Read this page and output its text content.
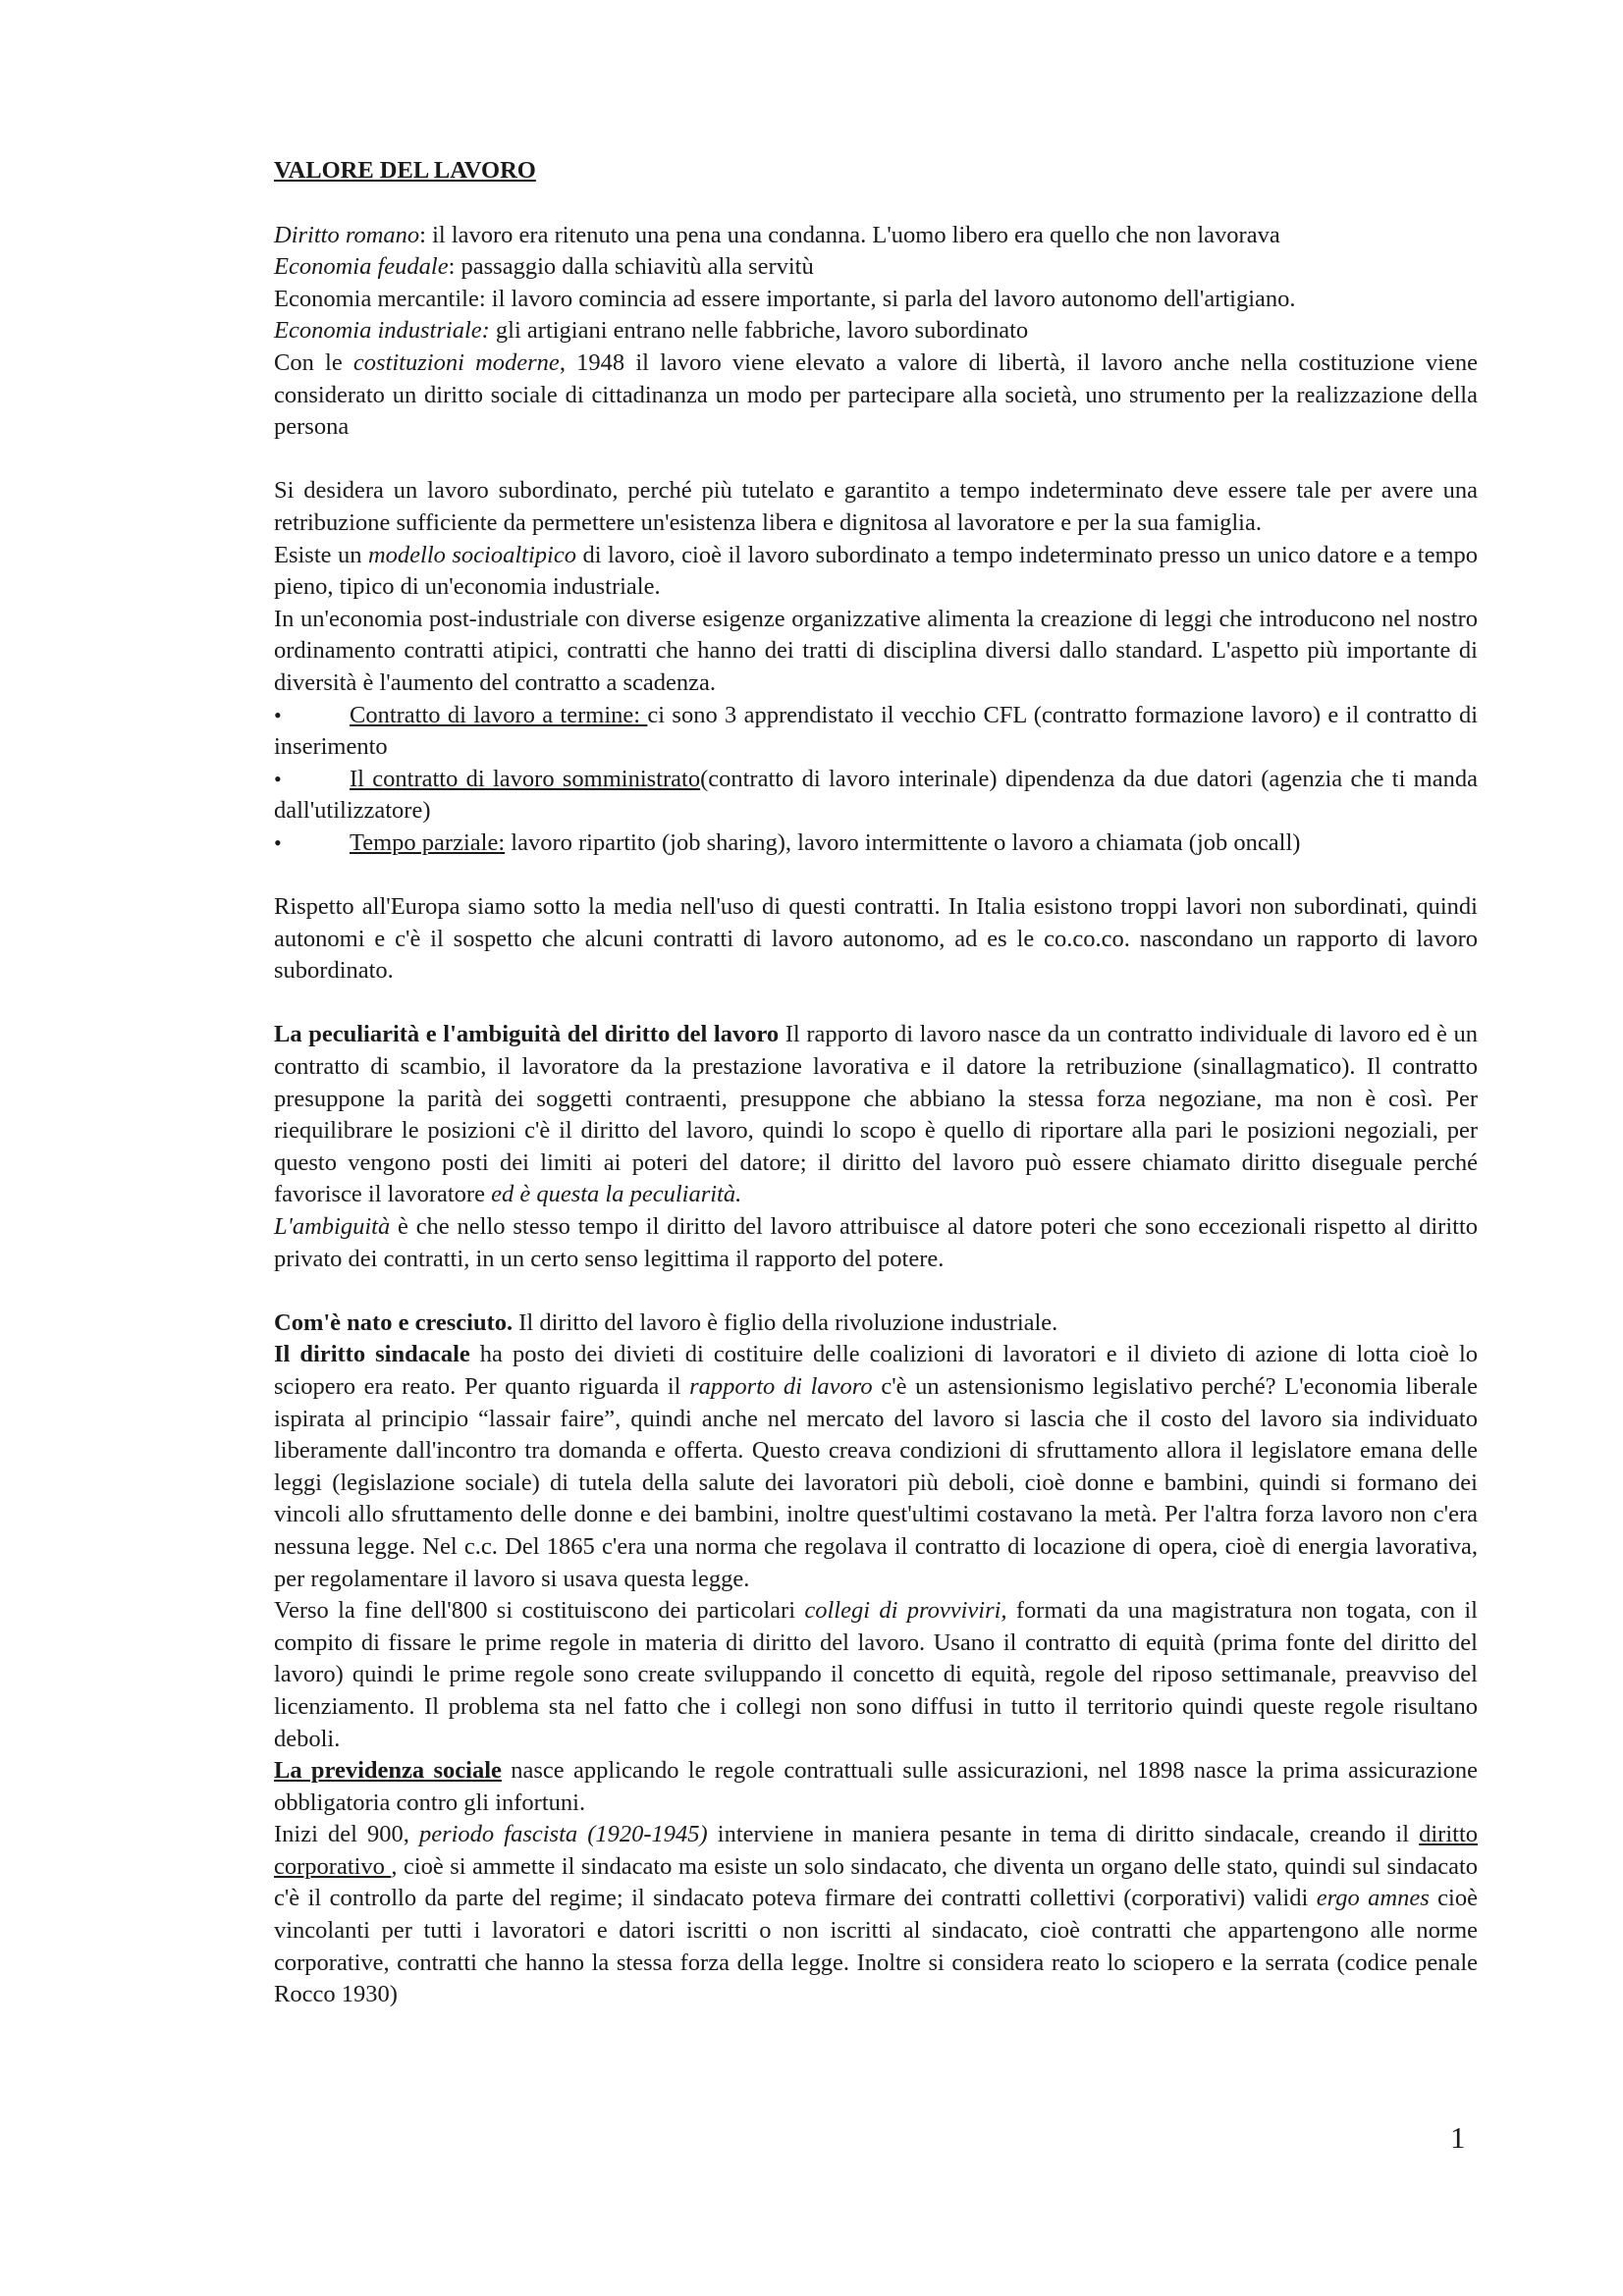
VALORE DEL LAVORO

Diritto romano: il lavoro era ritenuto una pena una condanna. L'uomo libero era quello che non lavorava

Economia feudale: passaggio dalla schiavitù alla servitù

Economia mercantile: il lavoro comincia ad essere importante, si parla del lavoro autonomo dell'artigiano.

Economia industriale: gli artigiani entrano nelle fabbriche, lavoro subordinato

Con le costituzioni moderne, 1948 il lavoro viene elevato a valore di libertà, il lavoro anche nella costituzione viene considerato un diritto sociale di cittadinanza un modo per partecipare alla società, uno strumento per la realizzazione della persona

Si desidera un lavoro subordinato, perché più tutelato e garantito a tempo indeterminato deve essere tale per avere una retribuzione sufficiente da permettere un'esistenza libera e dignitosa al lavoratore e per la sua famiglia.

Esiste un modello socioaltipico di lavoro, cioè il lavoro subordinato a tempo indeterminato presso un unico datore e a tempo pieno, tipico di un'economia industriale.

In un'economia post-industriale con diverse esigenze organizzative alimenta la creazione di leggi che introducono nel nostro ordinamento contratti atipici, contratti che hanno dei tratti di disciplina diversi dallo standard. L'aspetto più importante di diversità è l'aumento del contratto a scadenza.

•	Contratto di lavoro a termine: ci sono 3 apprendistato il vecchio CFL (contratto formazione lavoro) e il contratto di inserimento

•	Il contratto di lavoro somministrato(contratto di lavoro interinale) dipendenza da due datori (agenzia che ti manda dall'utilizzatore)

•	Tempo parziale: lavoro ripartito (job sharing), lavoro intermittente o lavoro a chiamata (job oncall)

Rispetto all'Europa siamo sotto la media nell'uso di questi contratti. In Italia esistono troppi lavori non subordinati, quindi autonomi e c'è il sospetto che alcuni contratti di lavoro autonomo, ad es le co.co.co. nascondano un rapporto di lavoro subordinato.

La peculiarità e l'ambiguità del diritto del lavoro Il rapporto di lavoro nasce da un contratto individuale di lavoro ed è un contratto di scambio, il lavoratore da la prestazione lavorativa e il datore la retribuzione (sinallagmatico). Il contratto presuppone la parità dei soggetti contraenti, presuppone che abbiano la stessa forza negoziane, ma non è così. Per riequilibrare le posizioni c'è il diritto del lavoro, quindi lo scopo è quello di riportare alla pari le posizioni negoziali, per questo vengono posti dei limiti ai poteri del datore; il diritto del lavoro può essere chiamato diritto diseguale perché favorisce il lavoratore ed è questa la peculiarità.

L'ambiguità è che nello stesso tempo il diritto del lavoro attribuisce al datore poteri che sono eccezionali rispetto al diritto privato dei contratti, in un certo senso legittima il rapporto del potere.

Com'è nato e cresciuto. Il diritto del lavoro è figlio della rivoluzione industriale.

Il diritto sindacale ha posto dei divieti di costituire delle coalizioni di lavoratori e il divieto di azione di lotta cioè lo sciopero era reato. Per quanto riguarda il rapporto di lavoro c'è un astensionismo legislativo perché? L'economia liberale ispirata al principio “lassair faire”, quindi anche nel mercato del lavoro si lascia che il costo del lavoro sia individuato liberamente dall'incontro tra domanda e offerta. Questo creava condizioni di sfruttamento allora il legislatore emana delle leggi (legislazione sociale) di tutela della salute dei lavoratori più deboli, cioè donne e bambini, quindi si formano dei vincoli allo sfruttamento delle donne e dei bambini, inoltre quest'ultimi costavano la metà. Per l'altra forza lavoro non c'era nessuna legge. Nel c.c. Del 1865 c'era una norma che regolava il contratto di locazione di opera, cioè di energia lavorativa, per regolamentare il lavoro si usava questa legge.

Verso la fine dell'800 si costituiscono dei particolari collegi di provviviri, formati da una magistratura non togata, con il compito di fissare le prime regole in materia di diritto del lavoro. Usano il contratto di equità (prima fonte del diritto del lavoro) quindi le prime regole sono create sviluppando il concetto di equità, regole del riposo settimanale, preavviso del licenziamento. Il problema sta nel fatto che i collegi non sono diffusi in tutto il territorio quindi queste regole risultano deboli.

La previdenza sociale nasce applicando le regole contrattuali sulle assicurazioni, nel 1898 nasce la prima assicurazione obbligatoria contro gli infortuni.

Inizi del 900, periodo fascista (1920-1945) interviene in maniera pesante in tema di diritto sindacale, creando il diritto corporativo , cioè si ammette il sindacato ma esiste un solo sindacato, che diventa un organo delle stato, quindi sul sindacato c'è il controllo da parte del regime; il sindacato poteva firmare dei contratti collettivi (corporativi) validi ergo amnes cioè vincolanti per tutti i lavoratori e datori iscritti o non iscritti al sindacato, cioè contratti che appartengono alle norme corporative, contratti che hanno la stessa forza della legge. Inoltre si considera reato lo sciopero e la serrata (codice penale Rocco 1930)

1
